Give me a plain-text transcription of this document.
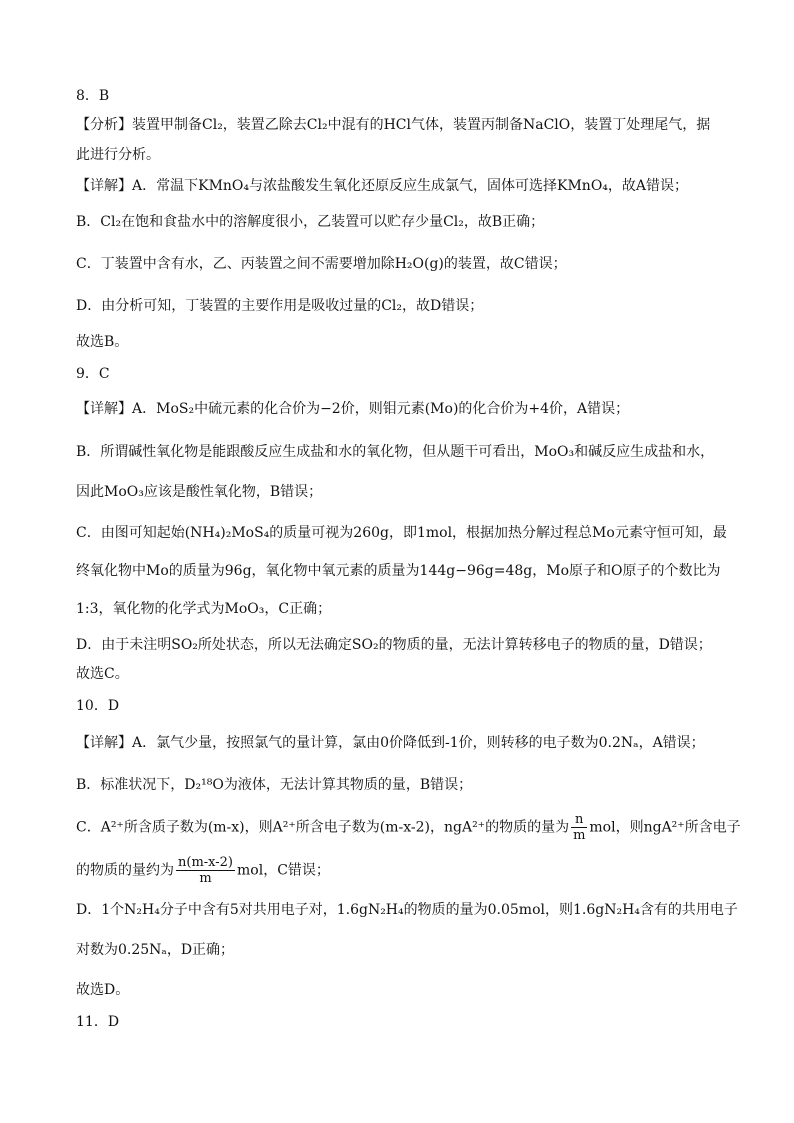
8．B
【分析】装置甲制备Cl₂，装置乙除去Cl₂中混有的HCl气体，装置丙制备NaClO，装置丁处理尾气，据
此进行分析。
【详解】A．常温下KMnO₄与浓盐酸发生氧化还原反应生成氯气，固体可选择KMnO₄，故A错误；
B．Cl₂在饱和食盐水中的溶解度很小，乙装置可以贮存少量Cl₂，故B正确；
C．丁装置中含有水，乙、丙装置之间不需要增加除H₂O(g)的装置，故C错误；
D．由分析可知，丁装置的主要作用是吸收过量的Cl₂，故D错误；
故选B。
9．C
【详解】A．MoS₂中硫元素的化合价为−2价，则钼元素(Mo)的化合价为+4价，A错误；
B．所谓碱性氧化物是能跟酸反应生成盐和水的氧化物，但从题干可看出，MoO₃和碱反应生成盐和水，
因此MoO₃应该是酸性氧化物，B错误；
C．由图可知起始(NH₄)₂MoS₄的质量可视为260g，即1mol，根据加热分解过程总Mo元素守恒可知，最
终氧化物中Mo的质量为96g，氧化物中氧元素的质量为144g−96g=48g，Mo原子和O原子的个数比为
1:3，氧化物的化学式为MoO₃，C正确；
D．由于未注明SO₂所处状态，所以无法确定SO₂的物质的量，无法计算转移电子的物质的量，D错误；
故选C。
10．D
【详解】A．氯气少量，按照氯气的量计算，氯由0价降低到-1价，则转移的电子数为0.2Nₐ，A错误；
B．标准状况下，D₂¹⁸O为液体，无法计算其物质的量，B错误；
D．1个N₂H₄分子中含有5对共用电子对，1.6gN₂H₄的物质的量为0.05mol，则1.6gN₂H₄含有的共用电子
对数为0.25Nₐ，D正确；
故选D。
11．D
C．A²⁺所含质子数为(m-x)，则A²⁺所含电子数为(m-x-2)，ngA²⁺的物质的量为 $\frac{n}{m}$ mol，则ngA²⁺所含电子
的物质的量约为 $\frac{n(m-x-2)}{m}$ mol，C错误；
